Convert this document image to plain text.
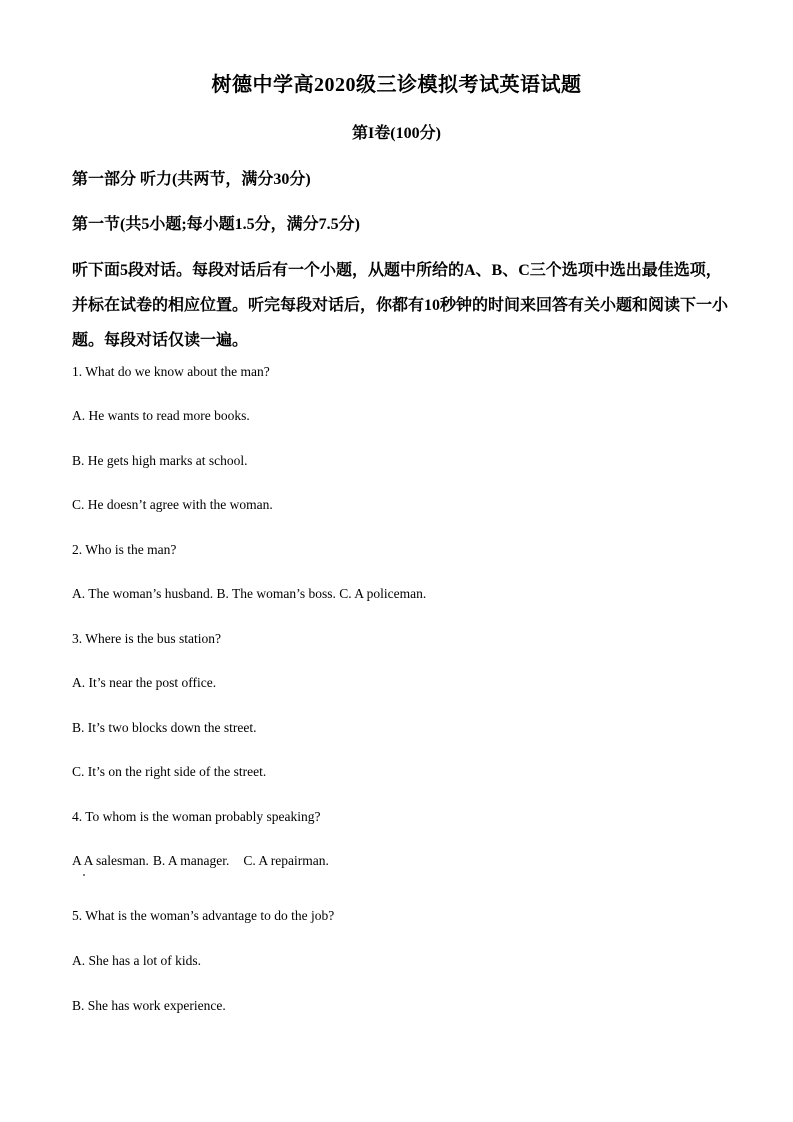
树德中学高2020级三诊模拟考试英语试题
第I卷(100分)
第一部分 听力(共两节，满分30分)
第一节(共5小题;每小题1.5分，满分7.5分)
听下面5段对话。每段对话后有一个小题，从题中所给的A、B、C三个选项中选出最佳选项，并标在试卷的相应位置。听完每段对话后，你都有10秒钟的时间来回答有关小题和阅读下一小题。每段对话仅读一遍。
1. What do we know about the man?
A. He wants to read more books.
B. He gets high marks at school.
C. He doesn’t agree with the woman.
2. Who is the man?
A. The woman’s husband. B. The woman’s boss. C. A policeman.
3. Where is the bus station?
A. It’s near the post office.
B. It’s two blocks down the street.
C. It’s on the right side of the street.
4. To whom is the woman probably speaking?
A A salesman. B. A manager. C. A repairman.
5. What is the woman’s advantage to do the job?
A. She has a lot of kids.
B. She has work experience.
